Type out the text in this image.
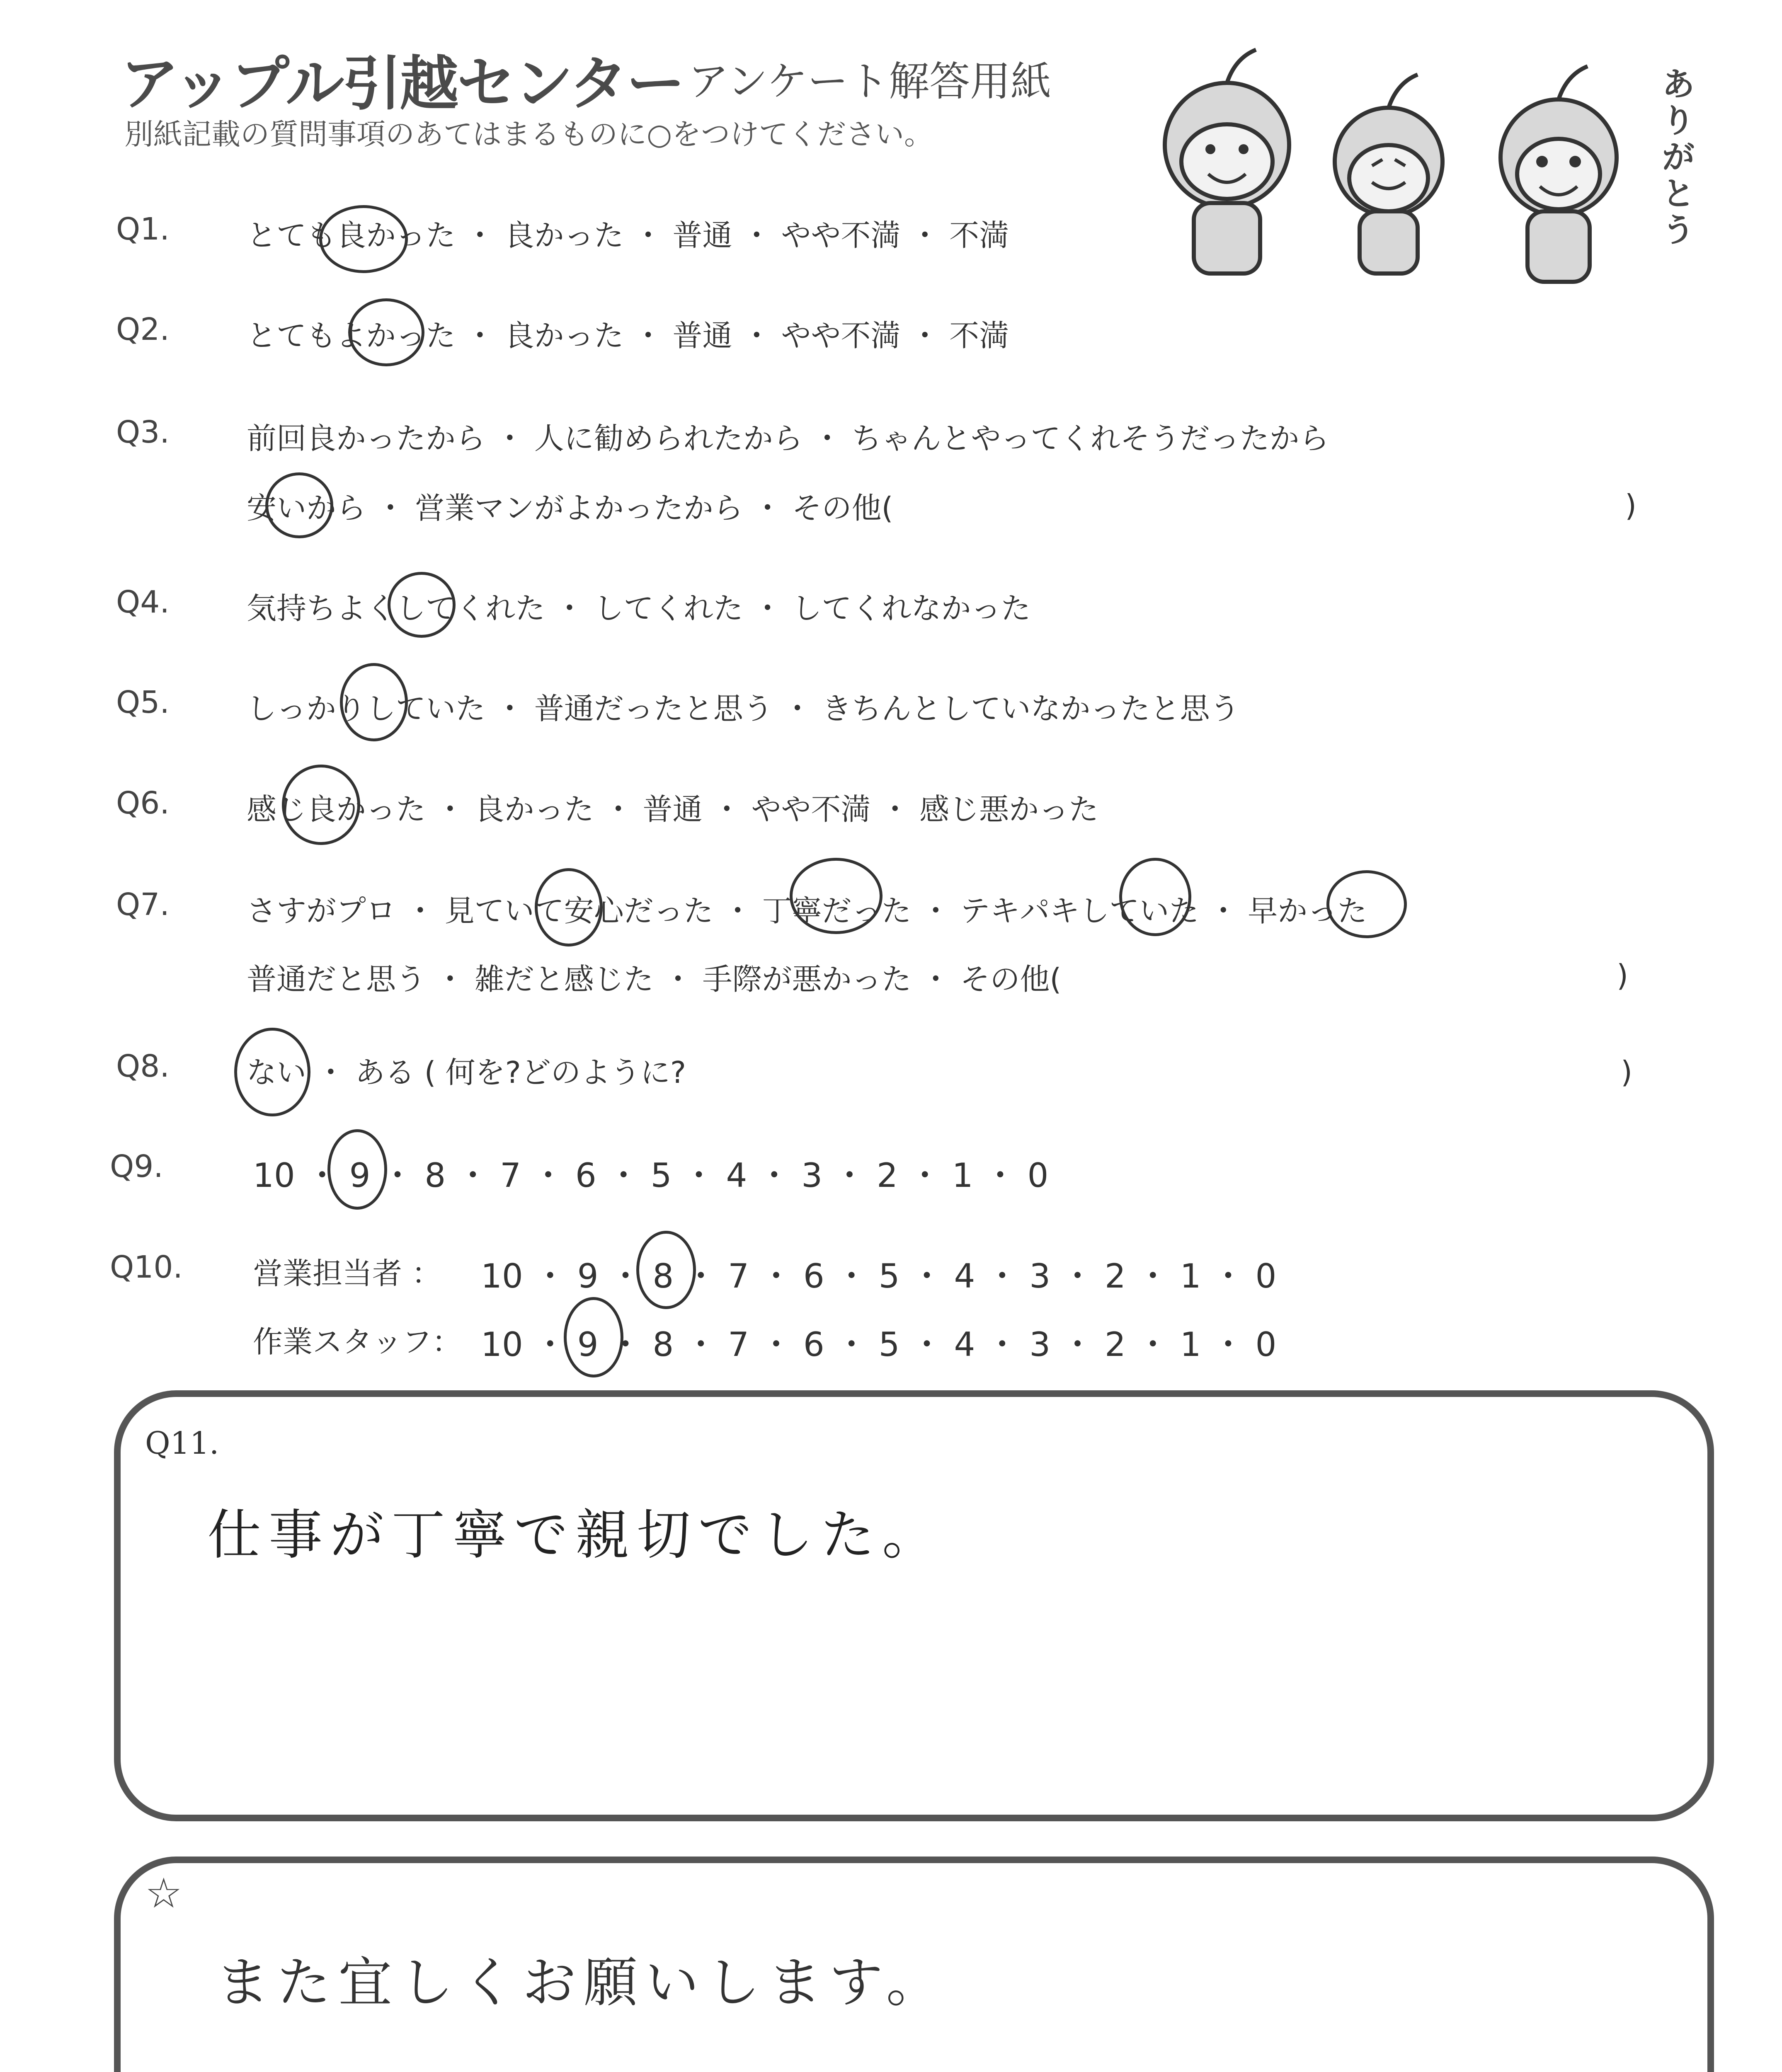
アップル引越センター アンケート解答用紙
別紙記載の質問事項のあてはまるものに○をつけてください。
ありがとう
Q1.	とても良かった ・ 良かった ・ 普通 ・ やや不満 ・ 不満
Q2.	とてもよかった ・ 良かった ・ 普通 ・ やや不満 ・ 不満
Q3.	前回良かったから ・ 人に勧められたから ・ ちゃんとやってくれそうだったから
安いから ・ 営業マンがよかったから ・ その他(	)
Q4.	気持ちよくしてくれた ・ してくれた ・ してくれなかった
Q5.	しっかりしていた ・ 普通だったと思う ・ きちんとしていなかったと思う
Q6.	感じ良かった ・ 良かった ・ 普通 ・ やや不満 ・ 感じ悪かった
Q7.	さすがプロ ・ 見ていて安心だった ・ 丁寧だった ・ テキパキしていた ・ 早かった
普通だと思う ・ 雑だと感じた ・ 手際が悪かった ・ その他(	)
Q8.	ない ・ ある ( 何を?どのように?	)
Q9.	10 ・ 9 ・ 8 ・ 7 ・ 6 ・ 5 ・ 4 ・ 3 ・ 2 ・ 1 ・ 0
Q10. 営業担当者 ： 10 ・ 9 ・ 8 ・ 7 ・ 6 ・ 5 ・ 4 ・ 3 ・ 2 ・ 1 ・ 0
作業スタッフ： 10 ・ 9 ・ 8 ・ 7 ・ 6 ・ 5 ・ 4 ・ 3 ・ 2 ・ 1 ・ 0
Q11.
仕事が丁寧で親切でした。
☆
また宜しくお願いします。
